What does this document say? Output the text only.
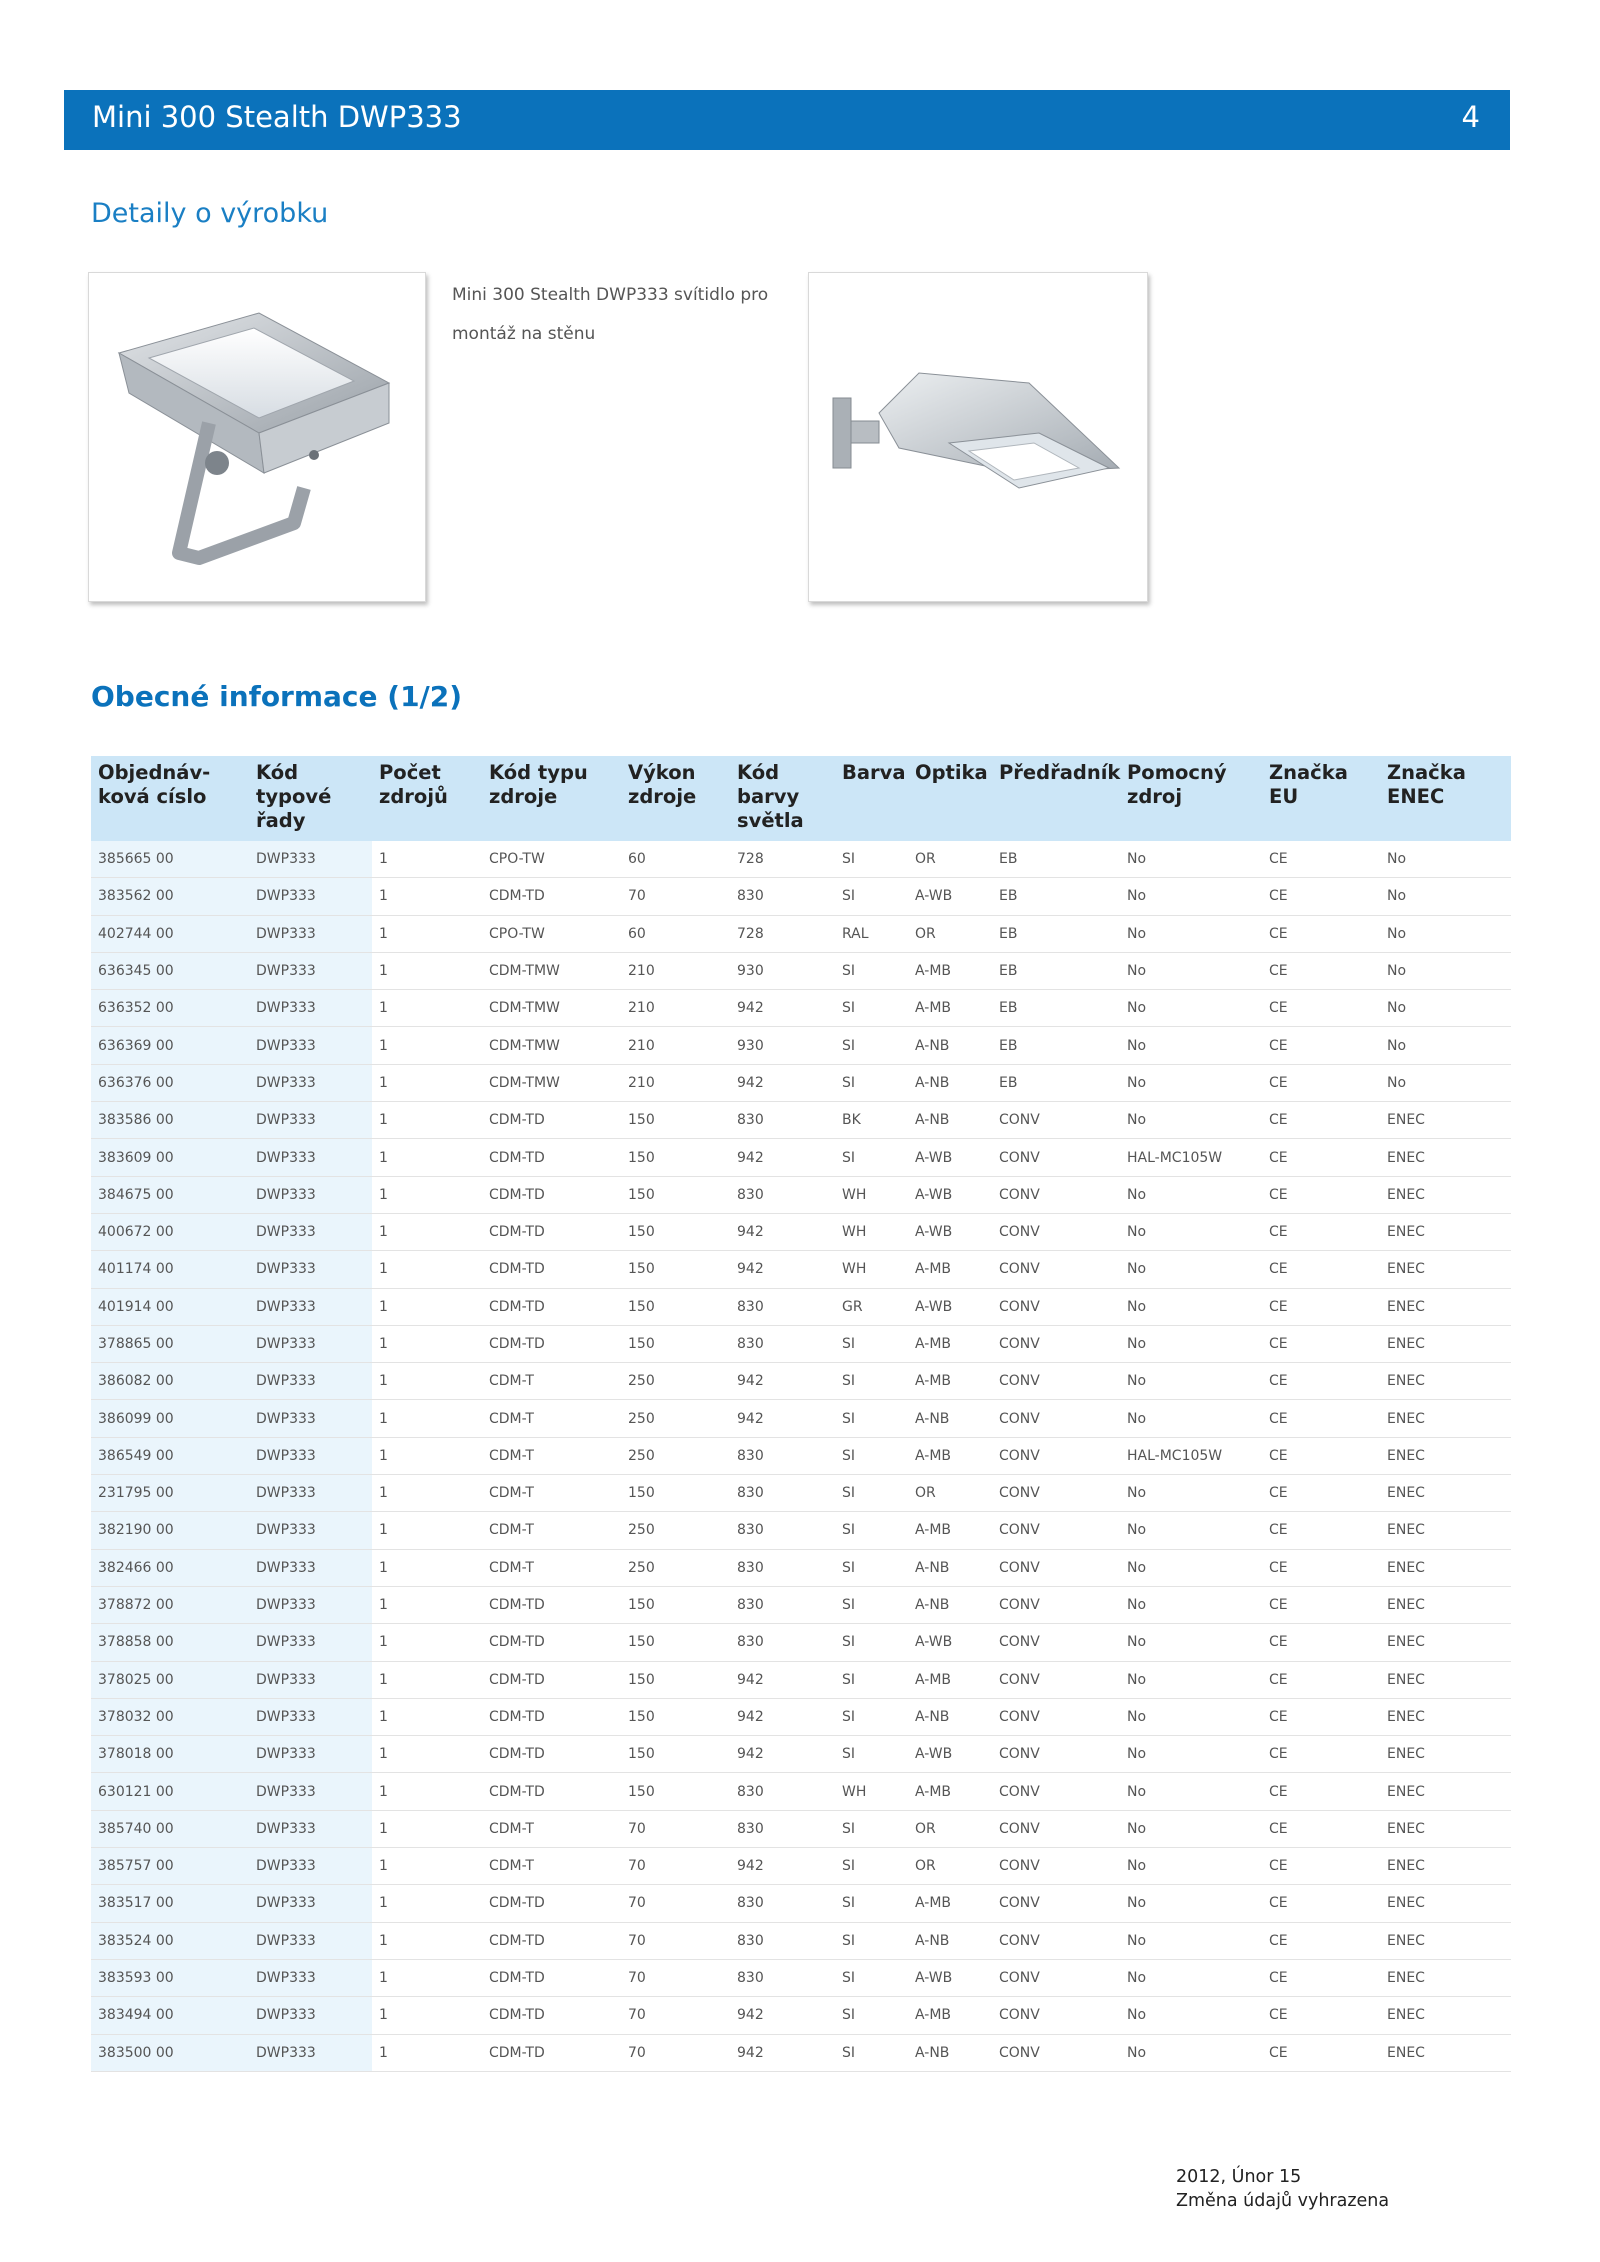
Mini 300 Stealth DWP333	4
Detaily o výrobku
Mini 300 Stealth DWP333 svítidlo pro montáž na stěnu
Obecné informace (1/2)
Objednáv-ková císlo	Kód typové řady	Počet zdrojů	Kód typu zdroje	Výkon zdroje	Kód barvy světla	Barva	Optika	Předřadník	Pomocný zdroj	Značka EU	Značka ENEC
385665 00	DWP333	1	CPO-TW	60	728	SI	OR	EB	No	CE	No
383562 00	DWP333	1	CDM-TD	70	830	SI	A-WB	EB	No	CE	No
402744 00	DWP333	1	CPO-TW	60	728	RAL	OR	EB	No	CE	No
636345 00	DWP333	1	CDM-TMW	210	930	SI	A-MB	EB	No	CE	No
636352 00	DWP333	1	CDM-TMW	210	942	SI	A-MB	EB	No	CE	No
636369 00	DWP333	1	CDM-TMW	210	930	SI	A-NB	EB	No	CE	No
636376 00	DWP333	1	CDM-TMW	210	942	SI	A-NB	EB	No	CE	No
383586 00	DWP333	1	CDM-TD	150	830	BK	A-NB	CONV	No	CE	ENEC
383609 00	DWP333	1	CDM-TD	150	942	SI	A-WB	CONV	HAL-MC105W	CE	ENEC
384675 00	DWP333	1	CDM-TD	150	830	WH	A-WB	CONV	No	CE	ENEC
400672 00	DWP333	1	CDM-TD	150	942	WH	A-WB	CONV	No	CE	ENEC
401174 00	DWP333	1	CDM-TD	150	942	WH	A-MB	CONV	No	CE	ENEC
401914 00	DWP333	1	CDM-TD	150	830	GR	A-WB	CONV	No	CE	ENEC
378865 00	DWP333	1	CDM-TD	150	830	SI	A-MB	CONV	No	CE	ENEC
386082 00	DWP333	1	CDM-T	250	942	SI	A-MB	CONV	No	CE	ENEC
386099 00	DWP333	1	CDM-T	250	942	SI	A-NB	CONV	No	CE	ENEC
386549 00	DWP333	1	CDM-T	250	830	SI	A-MB	CONV	HAL-MC105W	CE	ENEC
231795 00	DWP333	1	CDM-T	150	830	SI	OR	CONV	No	CE	ENEC
382190 00	DWP333	1	CDM-T	250	830	SI	A-MB	CONV	No	CE	ENEC
382466 00	DWP333	1	CDM-T	250	830	SI	A-NB	CONV	No	CE	ENEC
378872 00	DWP333	1	CDM-TD	150	830	SI	A-NB	CONV	No	CE	ENEC
378858 00	DWP333	1	CDM-TD	150	830	SI	A-WB	CONV	No	CE	ENEC
378025 00	DWP333	1	CDM-TD	150	942	SI	A-MB	CONV	No	CE	ENEC
378032 00	DWP333	1	CDM-TD	150	942	SI	A-NB	CONV	No	CE	ENEC
378018 00	DWP333	1	CDM-TD	150	942	SI	A-WB	CONV	No	CE	ENEC
630121 00	DWP333	1	CDM-TD	150	830	WH	A-MB	CONV	No	CE	ENEC
385740 00	DWP333	1	CDM-T	70	830	SI	OR	CONV	No	CE	ENEC
385757 00	DWP333	1	CDM-T	70	942	SI	OR	CONV	No	CE	ENEC
383517 00	DWP333	1	CDM-TD	70	830	SI	A-MB	CONV	No	CE	ENEC
383524 00	DWP333	1	CDM-TD	70	830	SI	A-NB	CONV	No	CE	ENEC
383593 00	DWP333	1	CDM-TD	70	830	SI	A-WB	CONV	No	CE	ENEC
383494 00	DWP333	1	CDM-TD	70	942	SI	A-MB	CONV	No	CE	ENEC
383500 00	DWP333	1	CDM-TD	70	942	SI	A-NB	CONV	No	CE	ENEC
2012, Únor 15
Změna údajů vyhrazena
